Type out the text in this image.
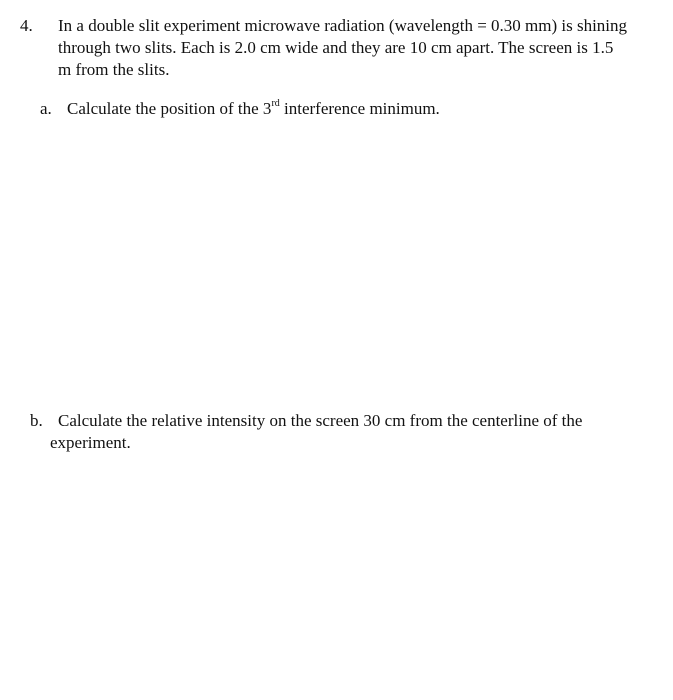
4. In a double slit experiment microwave radiation (wavelength = 0.30 mm) is shining
through two slits. Each is 2.0 cm wide and they are 10 cm apart. The screen is 1.5
m from the slits.
a. Calculate the position of the 3rd interference minimum.
b. Calculate the relative intensity on the screen 30 cm from the centerline of the
experiment.
